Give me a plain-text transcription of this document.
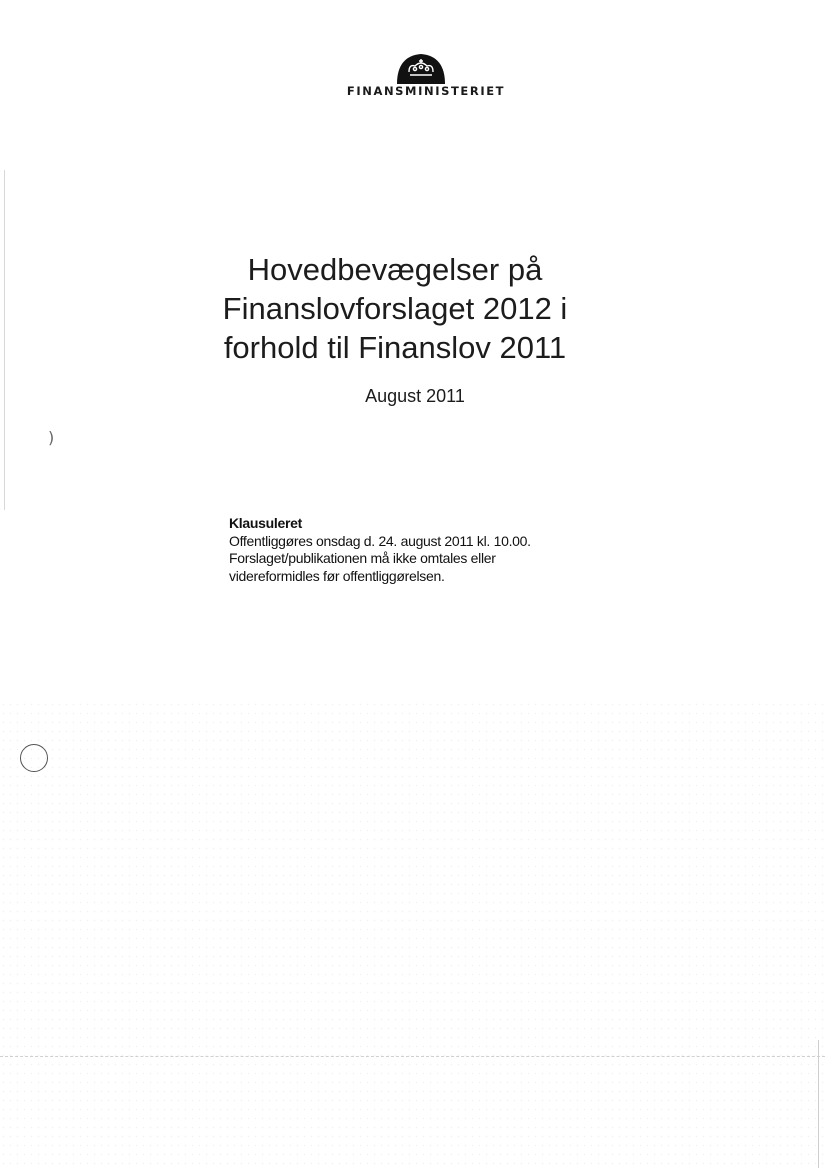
)
FINANSMINISTERIET
Hovedbevægelser på
Finanslovforslaget 2012 i
forhold til Finanslov 2011
August 2011
Klausuleret
Offentliggøres onsdag d. 24. august 2011 kl. 10.00.
Forslaget/publikationen må ikke omtales eller
videreformidles før offentliggørelsen.
